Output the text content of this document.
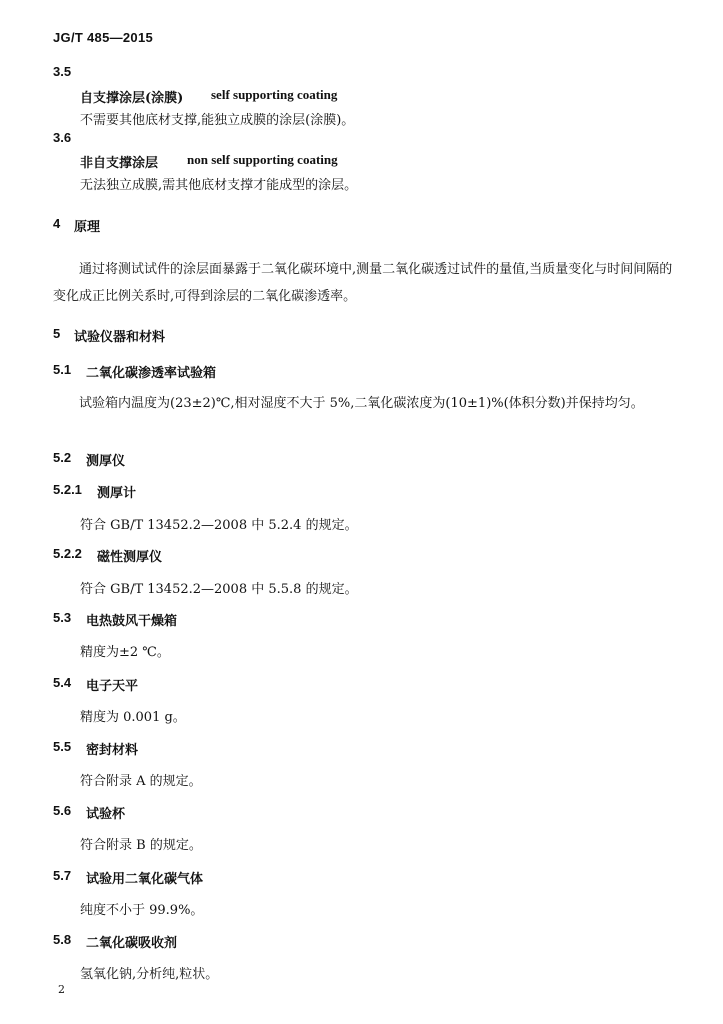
JG/T 485—2015
3.5
自支撑涂层(涂膜) self supporting coating
不需要其他底材支撑,能独立成膜的涂层(涂膜)。
3.6
非自支撑涂层 non self supporting coating
无法独立成膜,需其他底材支撑才能成型的涂层。
4 原理
通过将测试试件的涂层面暴露于二氧化碳环境中,测量二氧化碳透过试件的量值,当质量变化与时间间隔的变化成正比例关系时,可得到涂层的二氧化碳渗透率。
5 试验仪器和材料
5.1 二氧化碳渗透率试验箱
试验箱内温度为(23±2)℃,相对湿度不大于 5%,二氧化碳浓度为(10±1)%(体积分数)并保持均匀。
5.2 测厚仪
5.2.1 测厚计
符合 GB/T 13452.2—2008 中 5.2.4 的规定。
5.2.2 磁性测厚仪
符合 GB/T 13452.2—2008 中 5.5.8 的规定。
5.3 电热鼓风干燥箱
精度为±2 ℃。
5.4 电子天平
精度为 0.001 g。
5.5 密封材料
符合附录 A 的规定。
5.6 试验杯
符合附录 B 的规定。
5.7 试验用二氧化碳气体
纯度不小于 99.9%。
5.8 二氧化碳吸收剂
氢氧化钠,分析纯,粒状。
2
